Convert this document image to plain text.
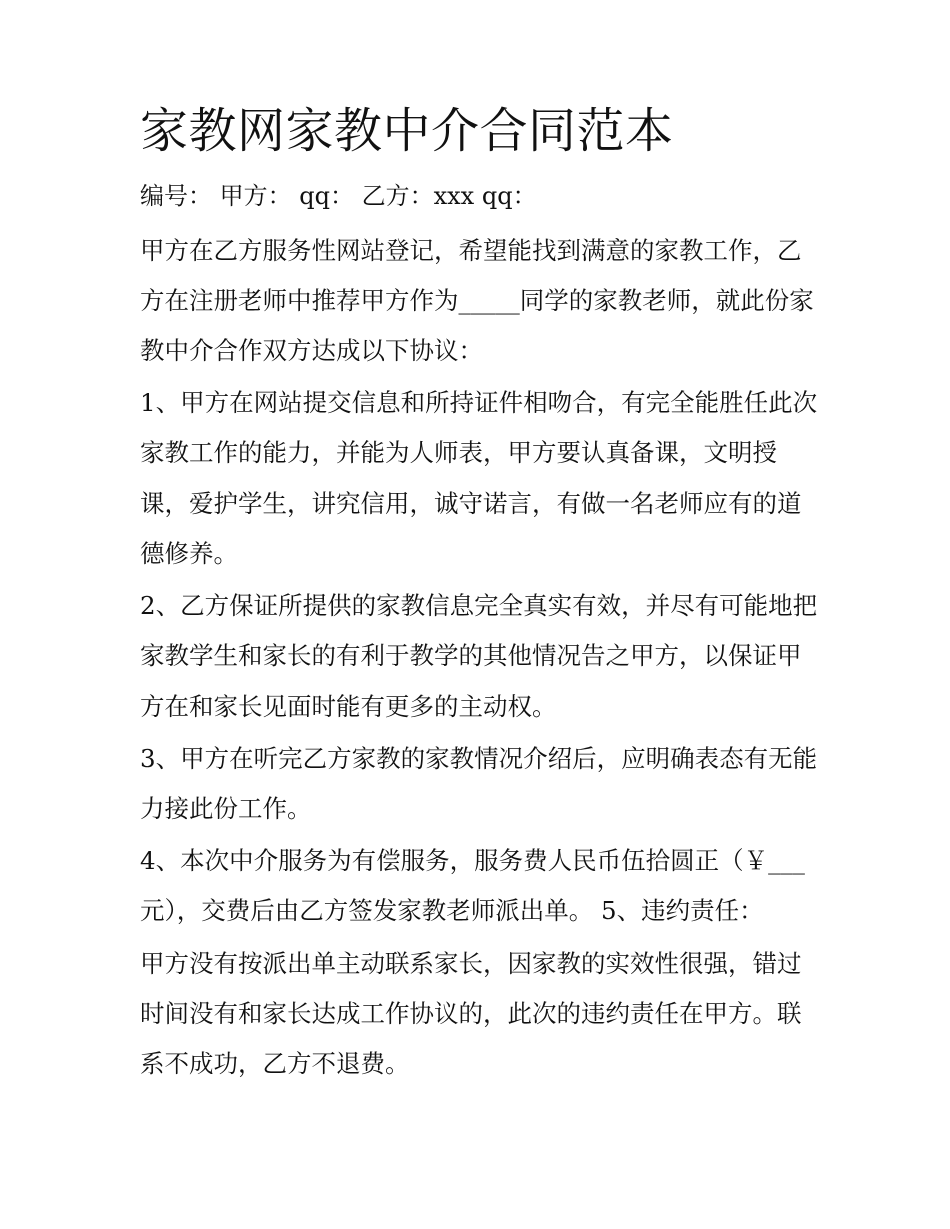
家教网家教中介合同范本

编号： 甲方： qq： 乙方：xxx qq：

甲方在乙方服务性网站登记，希望能找到满意的家教工作，乙方在注册老师中推荐甲方作为_____同学的家教老师，就此份家教中介合作双方达成以下协议：

1、甲方在网站提交信息和所持证件相吻合，有完全能胜任此次家教工作的能力，并能为人师表，甲方要认真备课，文明授课，爱护学生，讲究信用，诚守诺言，有做一名老师应有的道德修养。

2、乙方保证所提供的家教信息完全真实有效，并尽有可能地把家教学生和家长的有利于教学的其他情况告之甲方，以保证甲方在和家长见面时能有更多的主动权。

3、甲方在听完乙方家教的家教情况介绍后，应明确表态有无能力接此份工作。

4、本次中介服务为有偿服务，服务费人民币伍拾圆正（￥___元），交费后由乙方签发家教老师派出单。 5、违约责任：

甲方没有按派出单主动联系家长，因家教的实效性很强，错过时间没有和家长达成工作协议的，此次的违约责任在甲方。联系不成功，乙方不退费。
